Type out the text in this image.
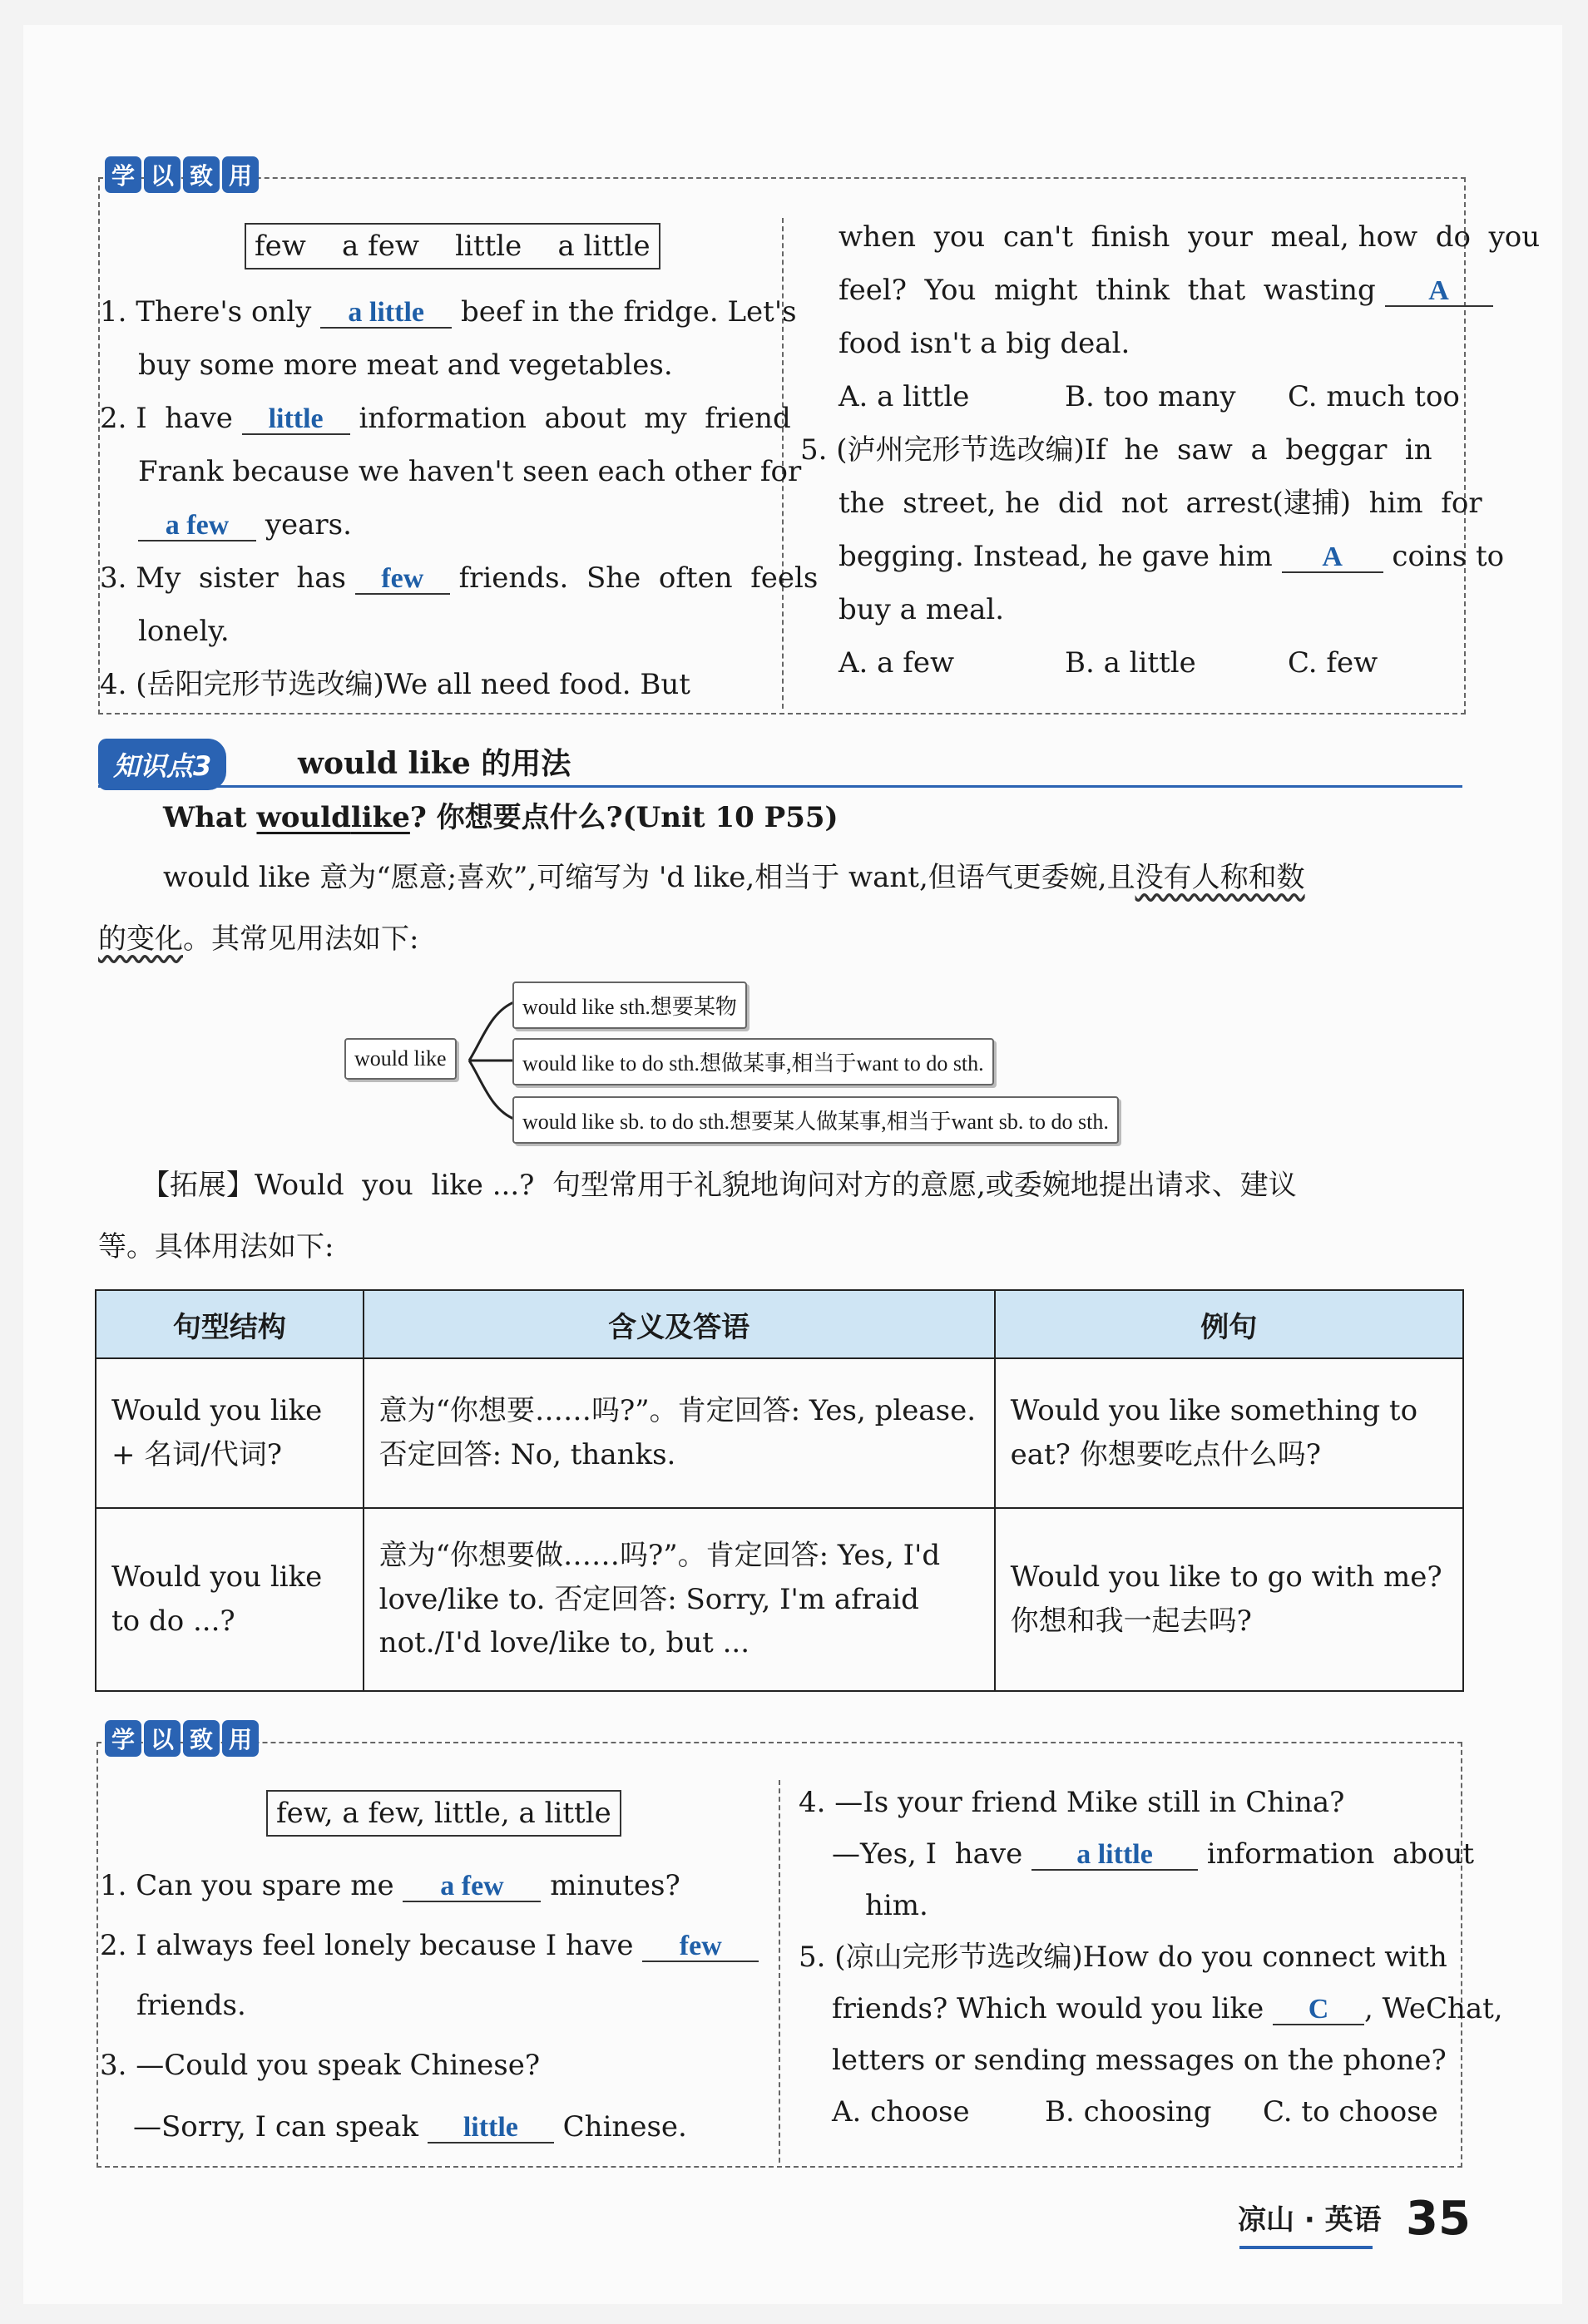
学 以 致 用
few    a few    little    a little
1. There's only a little beef in the fridge. Let's
buy some more meat and vegetables.
2. I  have little information  about  my  friend
Frank because we haven't seen each other for
a few years.
3. My  sister  has few friends.  She  often  feels
lonely.
4. (岳阳完形节选改编)We all need food. But
when  you  can't  finish  your  meal, how  do  you
feel?  You  might  think  that  wasting A
food isn't a big deal.
A. a little	B. too many C. much too
5. (泸州完形节选改编)If  he  saw  a  beggar  in
the  street, he  did  not  arrest(逮捕)  him  for
begging. Instead, he gave him A coins to
buy a meal.
A. a few	B. a little	C. few
知识点3	would like 的用法
What wouldlike? 你想要点什么?(Unit 10 P55)
would like 意为“愿意;喜欢”,可缩写为 'd like,相当于 want,但语气更委婉,且没有人称和数
的变化。其常见用法如下:
would like
would like sth.想要某物
would like to do sth.想做某事,相当于want to do sth.
would like sb. to do sth.想要某人做某事,相当于want sb. to do sth.
【拓展】Would  you  like ...?  句型常用于礼貌地询问对方的意愿,或委婉地提出请求、建议
等。具体用法如下:
句型结构	含义及答语	例句
Would you like + 名词/代词?	意为“你想要……吗?”。肯定回答: Yes, please. 否定回答: No, thanks.	Would you like something to eat? 你想要吃点什么吗?
Would you like to do ...?	意为“你想要做……吗?”。肯定回答: Yes, I'd love/like to. 否定回答: Sorry, I'm afraid not./I'd love/like to, but ...	Would you like to go with me? 你想和我一起去吗?
学 以 致 用
few, a few, little, a little
1. Can you spare me a few minutes?
2. I always feel lonely because I have few
friends.
3. —Could you speak Chinese?
—Sorry, I can speak little Chinese.
4. —Is your friend Mike still in China?
—Yes, I  have a little information  about
him.
5. (凉山完形节选改编)How do you connect with
friends? Which would you like C , WeChat,
letters or sending messages on the phone?
A. choose	B. choosing C. to choose
凉山 · 英语 35
